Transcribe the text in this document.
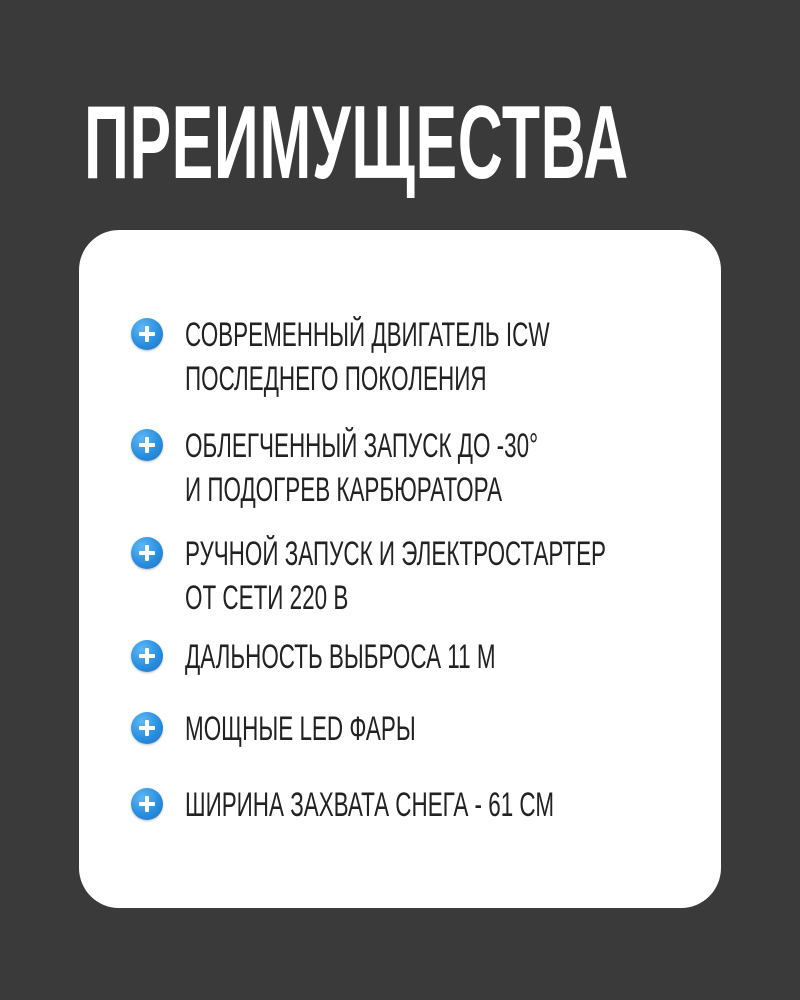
ПРЕИМУЩЕСТВА
СОВРЕМЕННЫЙ ДВИГАТЕЛЬ ICW
ПОСЛЕДНЕГО ПОКОЛЕНИЯ
ОБЛЕГЧЕННЫЙ ЗАПУСК ДО -30°
И ПОДОГРЕВ КАРБЮРАТОРА
РУЧНОЙ ЗАПУСК И ЭЛЕКТРОСТАРТЕР
ОТ СЕТИ 220 В
ДАЛЬНОСТЬ ВЫБРОСА 11 М
МОЩНЫЕ LED ФАРЫ
ШИРИНА ЗАХВАТА СНЕГА - 61 СМ
